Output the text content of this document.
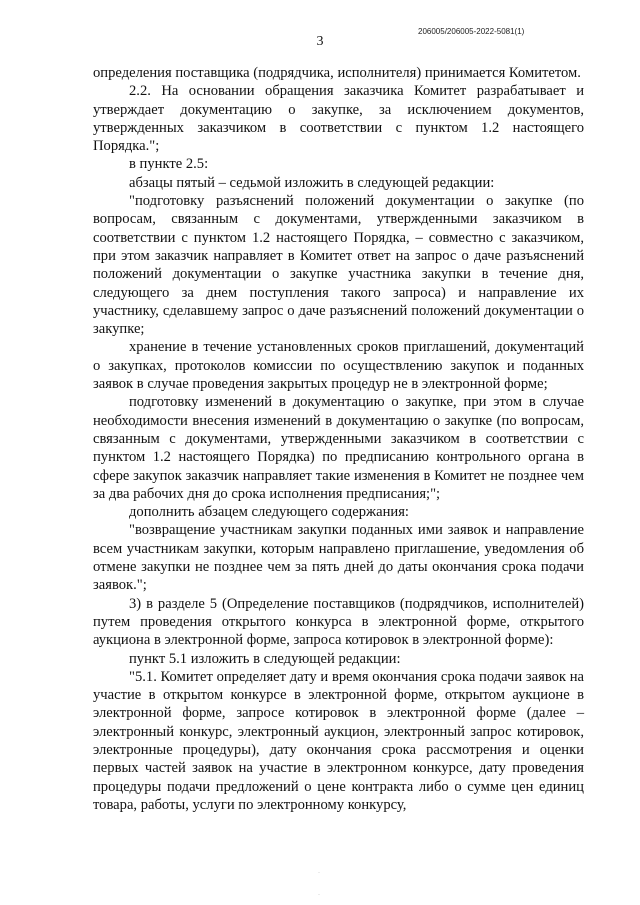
206005/206005-2022-5081(1)
3

определения поставщика (подрядчика, исполнителя) принимается Комитетом.

2.2. На основании обращения заказчика Комитет разрабатывает и утверждает документацию о закупке, за исключением документов, утвержденных заказчиком в соответствии с пунктом 1.2 настоящего Порядка.";

в пункте 2.5:

абзацы пятый – седьмой изложить в следующей редакции:

"подготовку разъяснений положений документации о закупке (по вопросам, связанным с документами, утвержденными заказчиком в соответствии с пунктом 1.2 настоящего Порядка, – совместно с заказчиком, при этом заказчик направляет в Комитет ответ на запрос о даче разъяснений положений документации о закупке участника закупки в течение дня, следующего за днем поступления такого запроса) и направление их участнику, сделавшему запрос о даче разъяснений положений документации о закупке;

хранение в течение установленных сроков приглашений, документаций о закупках, протоколов комиссии по осуществлению закупок и поданных заявок в случае проведения закрытых процедур не в электронной форме;

подготовку изменений в документацию о закупке, при этом в случае необходимости внесения изменений в документацию о закупке (по вопросам, связанным с документами, утвержденными заказчиком в соответствии с пунктом 1.2 настоящего Порядка) по предписанию контрольного органа в сфере закупок заказчик направляет такие изменения в Комитет не позднее чем за два рабочих дня до срока исполнения предписания;";

дополнить абзацем следующего содержания:

"возвращение участникам закупки поданных ими заявок и направление всем участникам закупки, которым направлено приглашение, уведомления об отмене закупки не позднее чем за пять дней до даты окончания срока подачи заявок.";

3) в разделе 5 (Определение поставщиков (подрядчиков, исполнителей) путем проведения открытого конкурса в электронной форме, открытого аукциона в электронной форме, запроса котировок в электронной форме):

пункт 5.1 изложить в следующей редакции:

"5.1. Комитет определяет дату и время окончания срока подачи заявок на участие в открытом конкурсе в электронной форме, открытом аукционе в электронной форме, запросе котировок в электронной форме (далее – электронный конкурс, электронный аукцион, электронный запрос котировок, электронные процедуры), дату окончания срока рассмотрения и оценки первых частей заявок на участие в электронном конкурсе, дату проведения процедуры подачи предложений о цене контракта либо о сумме цен единиц товара, работы, услуги по электронному конкурсу,

·
·
